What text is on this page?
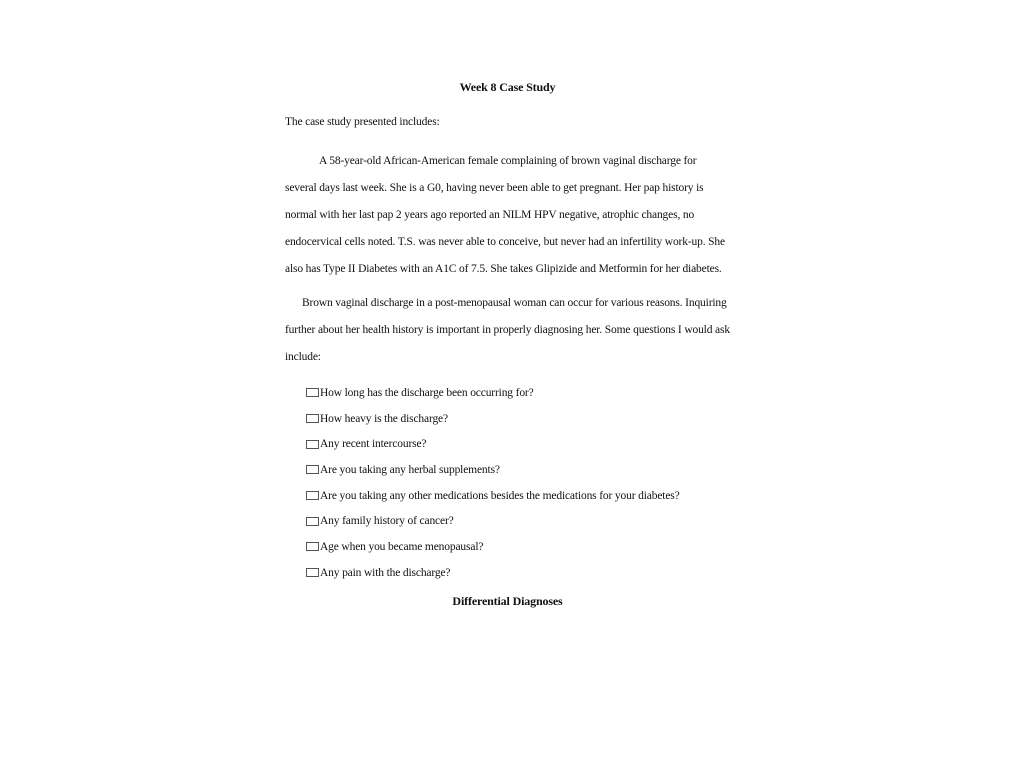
Week 8 Case Study

The case study presented includes:

A 58-year-old African-American female complaining of brown vaginal discharge for several days last week. She is a G0, having never been able to get pregnant. Her pap history is normal with her last pap 2 years ago reported an NILM HPV negative, atrophic changes, no endocervical cells noted. T.S. was never able to conceive, but never had an infertility work-up. She also has Type II Diabetes with an A1C of 7.5. She takes Glipizide and Metformin for her diabetes.

Brown vaginal discharge in a post-menopausal woman can occur for various reasons. Inquiring further about her health history is important in properly diagnosing her. Some questions I would ask include:

How long has the discharge been occurring for?
How heavy is the discharge?
Any recent intercourse?
Are you taking any herbal supplements?
Are you taking any other medications besides the medications for your diabetes?
Any family history of cancer?
Age when you became menopausal?
Any pain with the discharge?
Differential Diagnoses
